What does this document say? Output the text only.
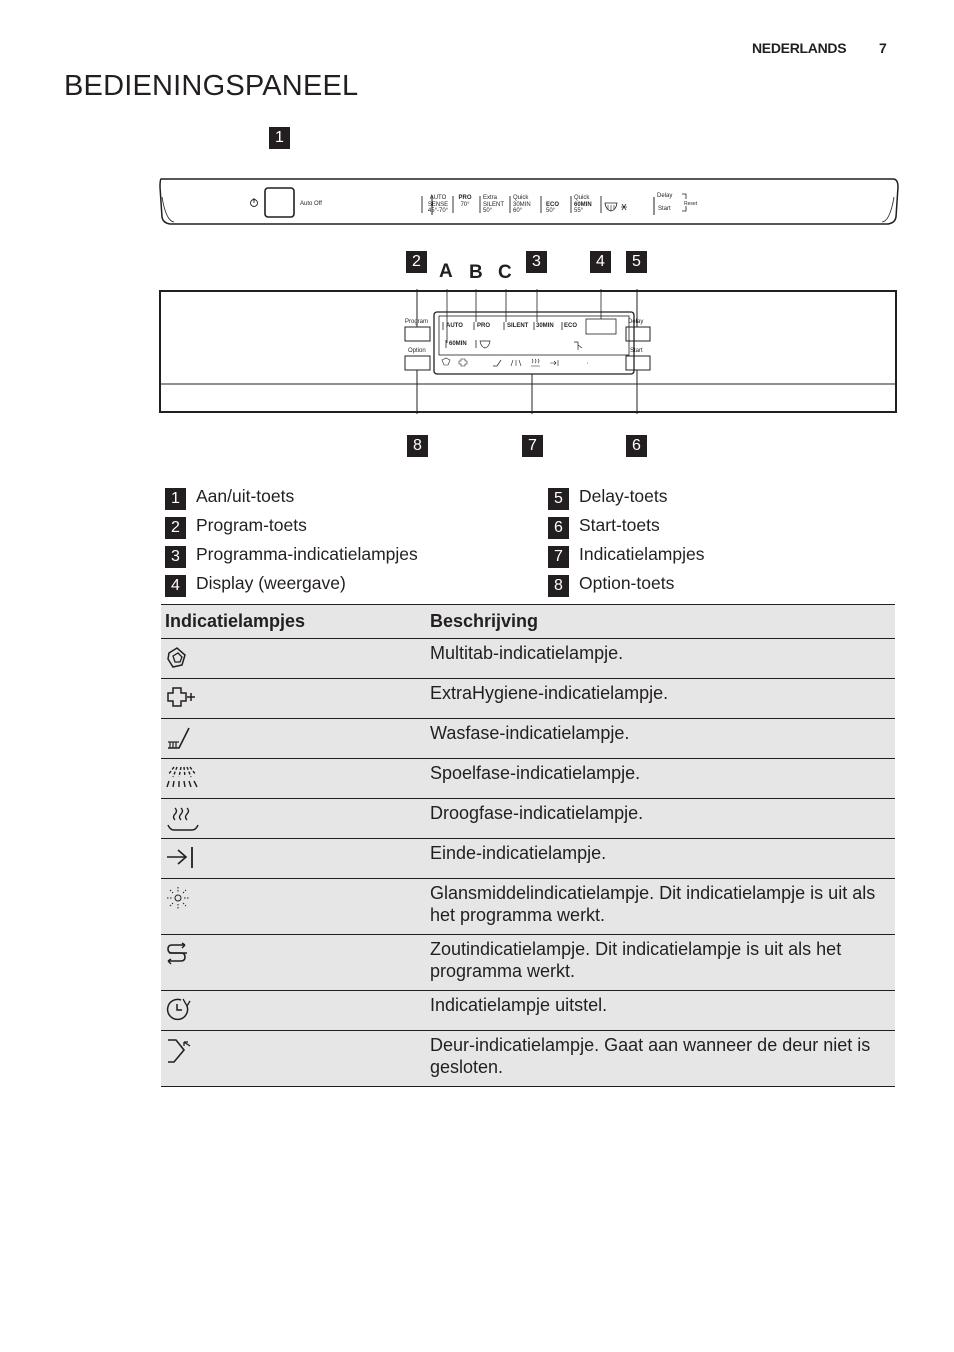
NEDERLANDS 7
BEDIENINGSPANEEL
1
Auto Off
AUTO
SENSE
45°-70°
PRO
70°
Extra
SILENT
50°
Quick
30MIN
60°

ECO
50°
Quick
60MIN
55°
Delay
Start
Reset
2 A B C
3	4	5
Program
Option
Delay
Start
AUTO PRO	SILENT 30MIN ECO
60MIN
8	7	6
1 Aan/uit-toets
2 Program-toets
3 Programma-indicatielampjes
4 Display (weergave)
5 Delay-toets
6 Start-toets
7 Indicatielampjes
8 Option-toets
Indicatielampjes	Beschrijving

	Multitab-indicatielampje.

	ExtraHygiene-indicatielampje.

	Wasfase-indicatielampje.

	Spoelfase-indicatielampje.

	Droogfase-indicatielampje.

	Einde-indicatielampje.

	Glansmiddelindicatielampje. Dit indicatielampje is uit als het programma werkt.

	Zoutindicatielampje. Dit indicatielampje is uit als het programma werkt.

	Indicatielampje uitstel.

	Deur-indicatielampje. Gaat aan wanneer de deur niet is gesloten.
